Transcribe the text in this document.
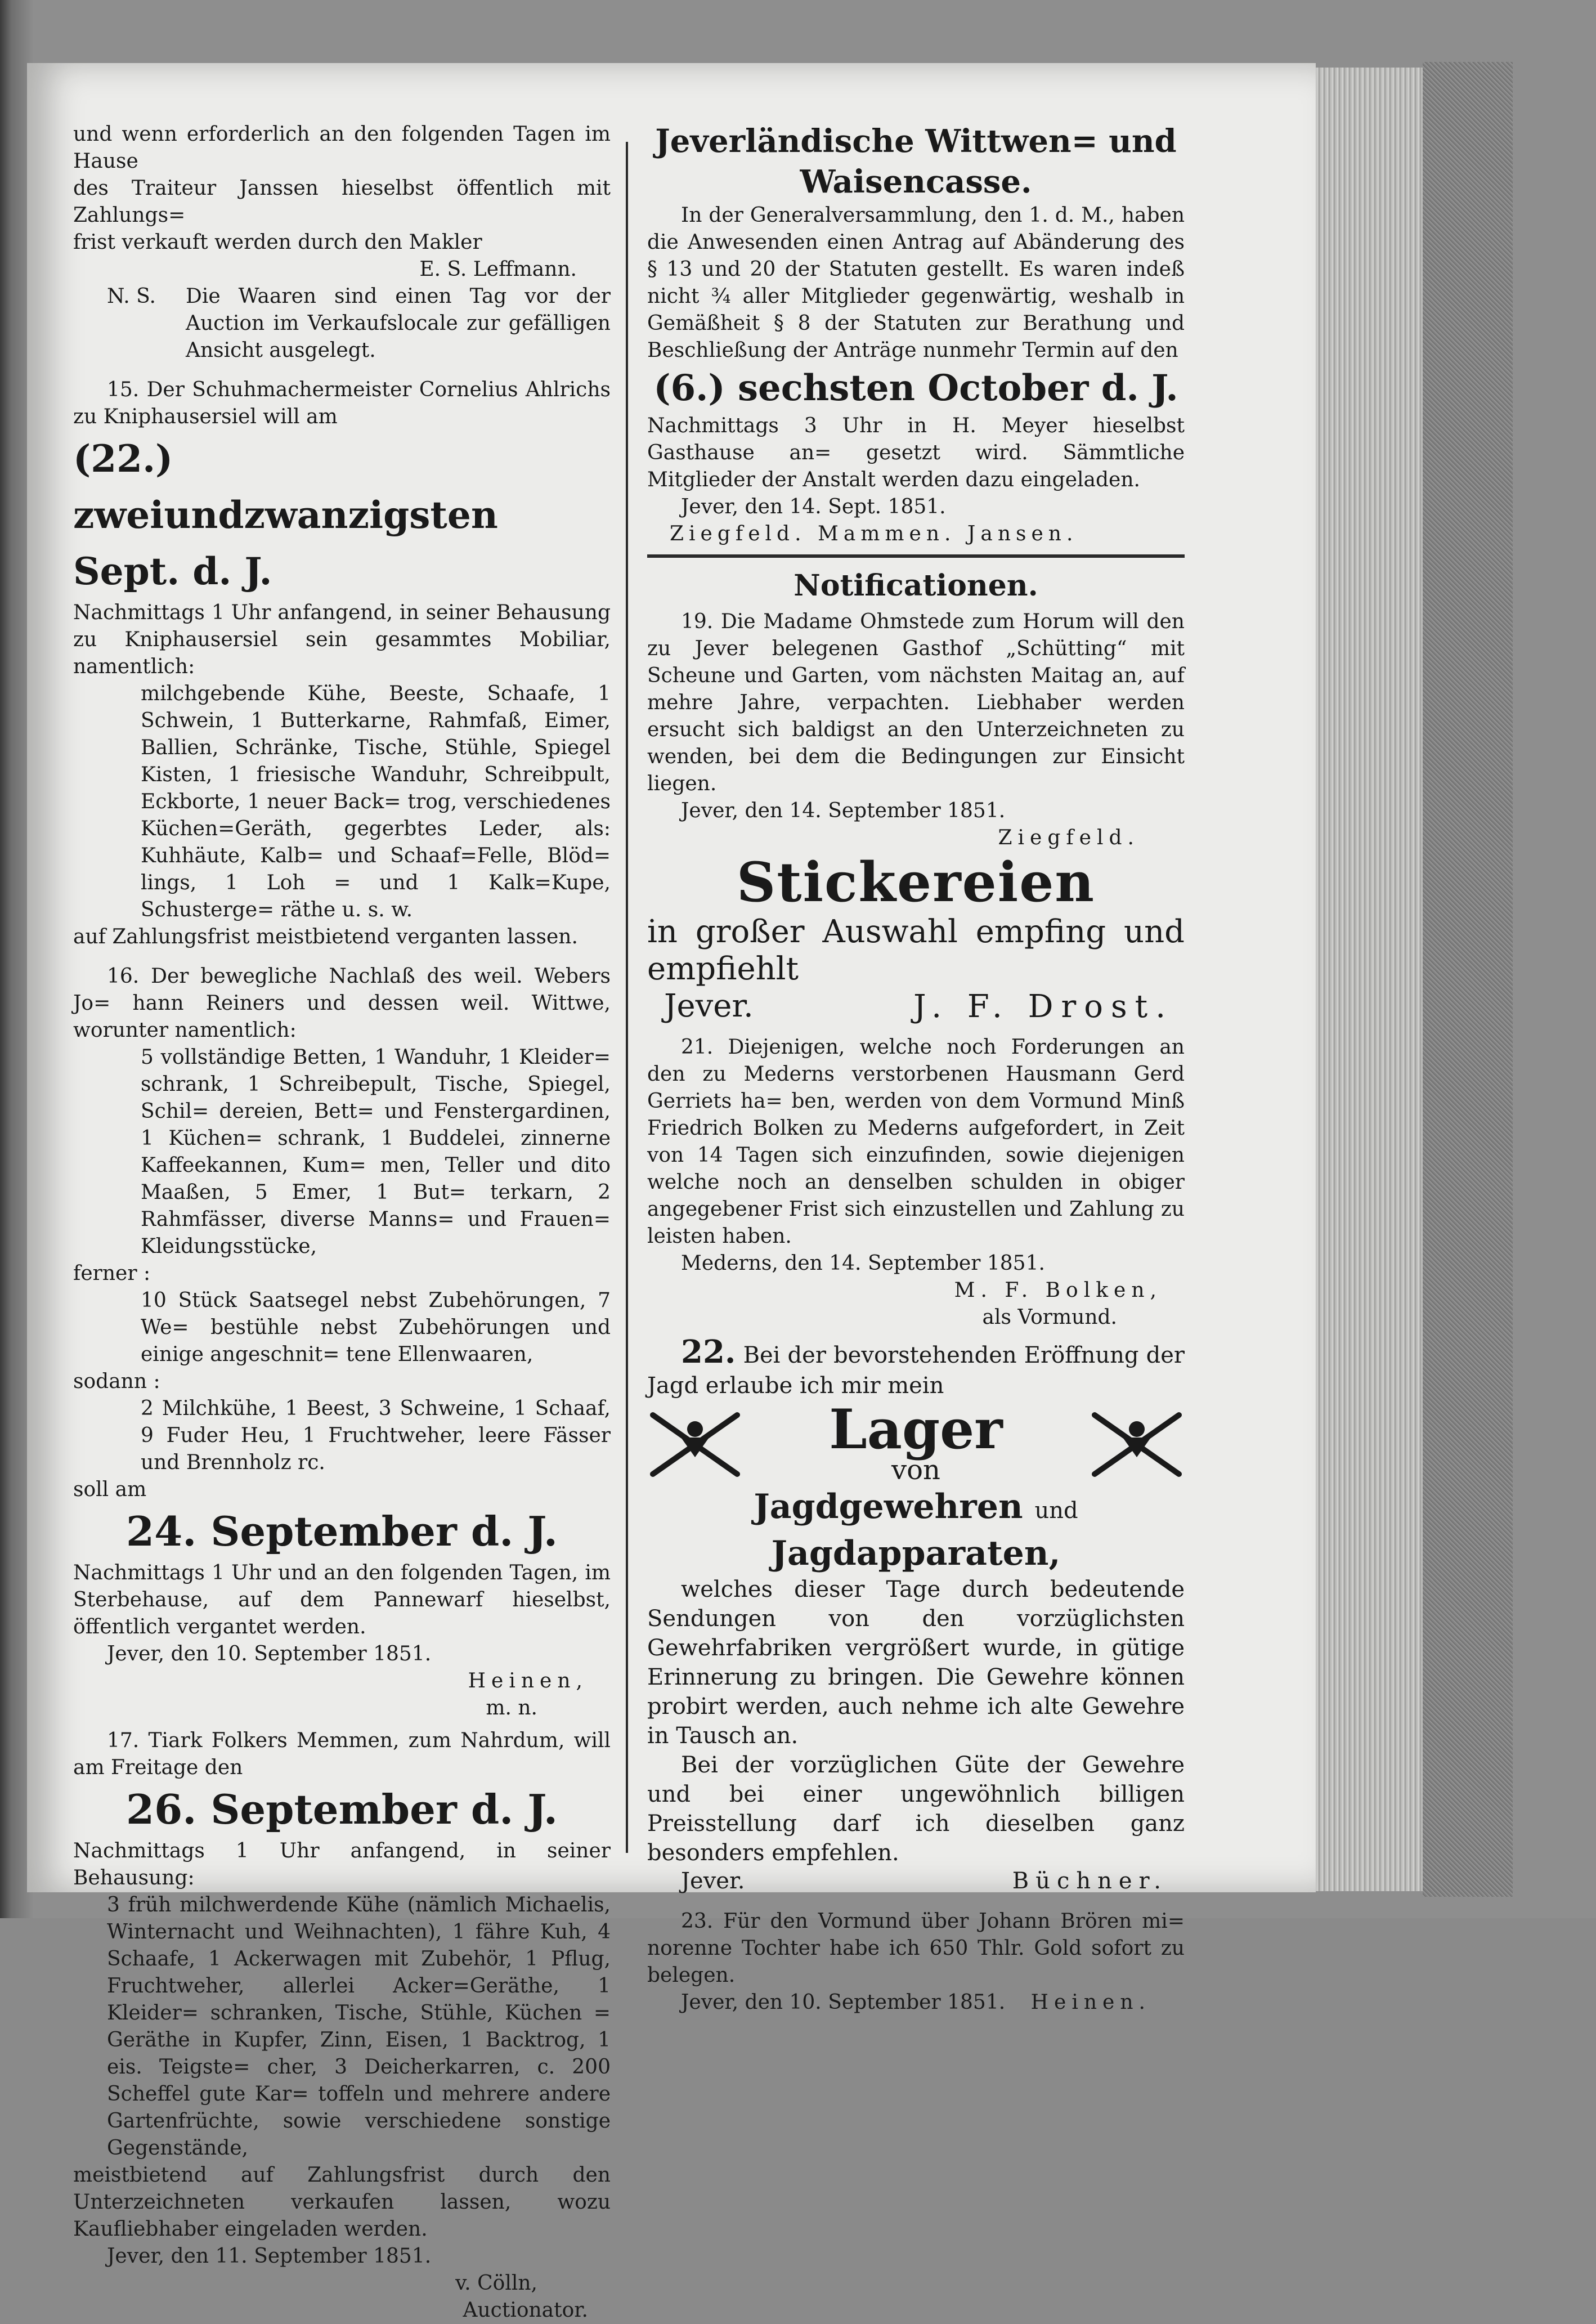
und wenn erforderlich an den folgenden Tagen im Hause

des Traiteur Janssen hieselbst öffentlich mit Zahlungs=

frist verkauft werden durch den Makler

E. S. Leffmann.

N. S.	Die Waaren sind einen Tag vor der Auction im Verkaufslocale zur gefälligen Ansicht ausgelegt.

15. Der Schuhmachermeister Cornelius Ahlrichs zu Kniphausersiel will am

(22.) zweiundzwanzigsten Sept. d. J.

Nachmittags 1 Uhr anfangend, in seiner Behausung zu Kniphausersiel sein gesammtes Mobiliar, namentlich:

milchgebende Kühe, Beeste, Schaafe, 1 Schwein, 1 Butterkarne, Rahmfaß, Eimer, Ballien, Schränke, Tische, Stühle, Spiegel Kisten, 1 friesische Wanduhr, Schreibpult, Eckborte, 1 neuer Back= trog, verschiedenes Küchen=Geräth, gegerbtes Leder, als: Kuhhäute, Kalb= und Schaaf=Felle, Blöd= lings, 1 Loh = und 1 Kalk=Kupe, Schusterge= räthe u. s. w.

auf Zahlungsfrist meistbietend verganten lassen.

16. Der bewegliche Nachlaß des weil. Webers Jo= hann Reiners und dessen weil. Wittwe, worunter namentlich:

5 vollständige Betten, 1 Wanduhr, 1 Kleider= schrank, 1 Schreibepult, Tische, Spiegel, Schil= dereien, Bett= und Fenstergardinen, 1 Küchen= schrank, 1 Buddelei, zinnerne Kaffeekannen, Kum= men, Teller und dito Maaßen, 5 Emer, 1 But= terkarn, 2 Rahmfässer, diverse Manns= und Frauen= Kleidungsstücke,

ferner :

10 Stück Saatsegel nebst Zubehörungen, 7 We= bestühle nebst Zubehörungen und einige angeschnit= tene Ellenwaaren,

sodann :

2 Milchkühe, 1 Beest, 3 Schweine, 1 Schaaf, 9 Fuder Heu, 1 Fruchtweher, leere Fässer und Brennholz rc.

soll am

24. September d. J.

Nachmittags 1 Uhr und an den folgenden Tagen, im Sterbehause, auf dem Pannewarf hieselbst, öffentlich vergantet werden.

Jever, den 10. September 1851.

Heinen,

m. n.

17. Tiark Folkers Memmen, zum Nahrdum, will am Freitage den

26. September d. J.

Nachmittags 1 Uhr anfangend, in seiner Behausung:

3 früh milchwerdende Kühe (nämlich Michaelis, Winternacht und Weihnachten), 1 fähre Kuh, 4 Schaafe, 1 Ackerwagen mit Zubehör, 1 Pflug, Fruchtweher, allerlei Acker=Geräthe, 1 Kleider= schranken, Tische, Stühle, Küchen = Geräthe in Kupfer, Zinn, Eisen, 1 Backtrog, 1 eis. Teigste= cher, 3 Deicherkarren, c. 200 Scheffel gute Kar= toffeln und mehrere andere Gartenfrüchte, sowie verschiedene sonstige Gegenstände,

meistbietend auf Zahlungsfrist durch den Unterzeichneten verkaufen lassen, wozu Kaufliebhaber eingeladen werden.

Jever, den 11. September 1851.

v. Cölln,

Auctionator.

Jeverländische Wittwen= und

Waisencasse.

In der Generalversammlung, den 1. d. M., haben die Anwesenden einen Antrag auf Abänderung des § 13 und 20 der Statuten gestellt. Es waren indeß nicht ¾ aller Mitglieder gegenwärtig, weshalb in Gemäßheit § 8 der Statuten zur Berathung und Beschließung der Anträge nunmehr Termin auf den

(6.) sechsten October d. J.

Nachmittags 3 Uhr in H. Meyer hieselbst Gasthause an= gesetzt wird. Sämmtliche Mitglieder der Anstalt werden dazu eingeladen.

Jever, den 14. Sept. 1851.

Ziegfeld. Mammen. Jansen.

Notificationen.

19. Die Madame Ohmstede zum Horum will den zu Jever belegenen Gasthof „Schütting“ mit Scheune und Garten, vom nächsten Maitag an, auf mehre Jahre, verpachten. Liebhaber werden ersucht sich baldigst an den Unterzeichneten zu wenden, bei dem die Bedingungen zur Einsicht liegen.

Jever, den 14. September 1851.

Ziegfeld.

Stickereien

in großer Auswahl empfing und

empfiehlt

Jever.	J. F. Drost.

21. Diejenigen, welche noch Forderungen an den zu Mederns verstorbenen Hausmann Gerd Gerriets ha= ben, werden von dem Vormund Minß Friedrich Bolken zu Mederns aufgefordert, in Zeit von 14 Tagen sich einzufinden, sowie diejenigen welche noch an denselben schulden in obiger angegebener Frist sich einzustellen und Zahlung zu leisten haben.

Mederns, den 14. September 1851.

M. F. Bolken,

als Vormund.

22. Bei der bevorstehenden Eröffnung der Jagd erlaube ich mir mein

Lager
von

Jagdgewehren und Jagdapparaten,

welches dieser Tage durch bedeutende Sendungen von den vorzüglichsten Gewehrfabriken vergrößert wurde, in gütige Erinnerung zu bringen. Die Gewehre können probirt werden, auch nehme ich alte Gewehre in Tausch an.

Bei der vorzüglichen Güte der Gewehre und bei einer ungewöhnlich billigen Preisstellung darf ich dieselben ganz besonders empfehlen.

Jever.	Büchner.

23. Für den Vormund über Johann Brören mi= norenne Tochter habe ich 650 Thlr. Gold sofort zu belegen.

Jever, den 10. September 1851. Heinen.
